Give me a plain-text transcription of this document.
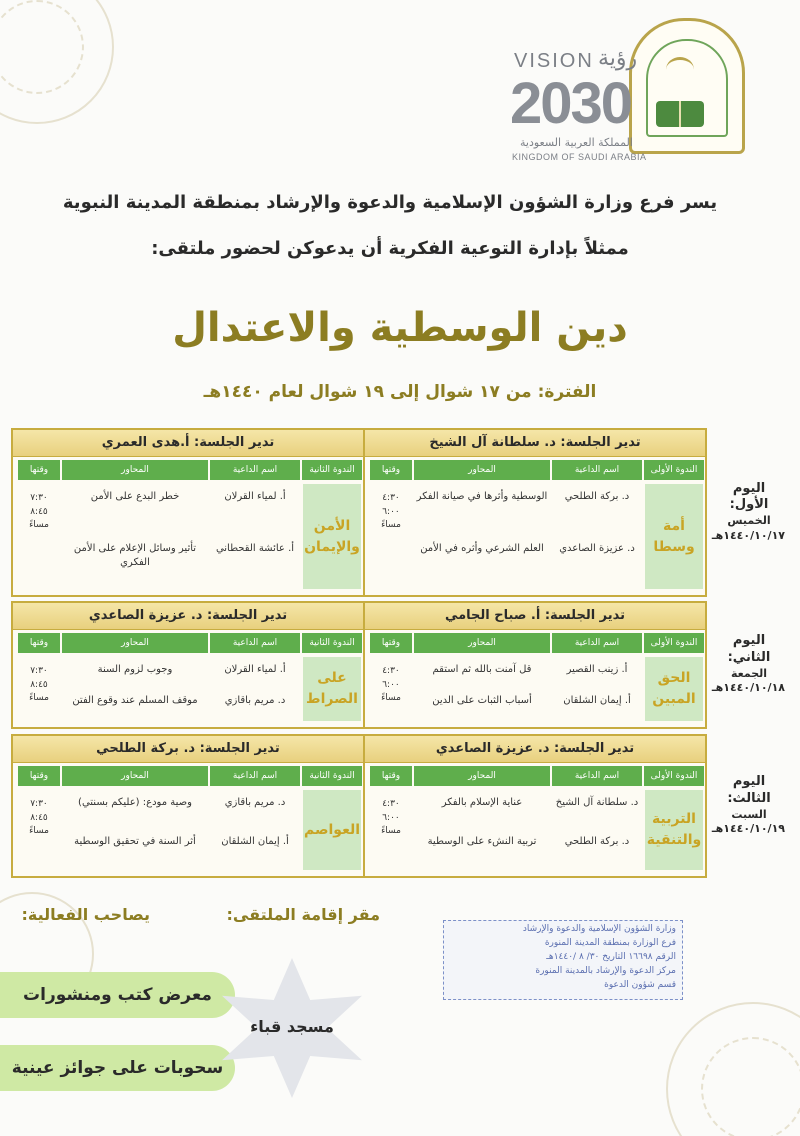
VISION رؤية
2030
المملكة العربية السعودية
KINGDOM OF SAUDI ARABIA
يسر فرع وزارة الشؤون الإسلامية والدعوة والإرشاد بمنطقة المدينة النبوية
ممثلاً بإدارة التوعية الفكرية أن يدعوكن لحضور ملتقى:
دين الوسطية والاعتدال
الفترة: من ١٧ شوال إلى ١٩ شوال لعام ١٤٤٠هـ
اليوم الأول:
الخميس
١٤٤٠/١٠/١٧هـ
تدير الجلسة: د. سلطانة آل الشيخ
الندوة الأولى
اسم الداعية
المحاور
وقتها
أمة وسطا
د. بركة الطلحي
الوسطية وأثرها في صيانة الفكر
د. عزيزة الصاعدي
العلم الشرعي وأثره في الأمن
٤:٣٠
٦:٠٠
مساءً
تدير الجلسة: أ.هدى العمري
الندوة الثانية
اسم الداعية
المحاور
وقتها
الأمن
والإيمان
أ. لمياء القرلان
خطر البدع على الأمن
أ. عائشة القحطاني
تأثير وسائل الإعلام على الأمن الفكري
٧:٣٠
٨:٤٥
مساءً
اليوم الثاني:
الجمعة
١٤٤٠/١٠/١٨هـ
تدير الجلسة: أ. صباح الجامي
الندوة الأولى
اسم الداعية
المحاور
وقتها
الحق
المبين
أ. زينب القصير
قل آمنت بالله ثم استقم
أ. إيمان الشلقان
أسباب الثبات على الدين
٤:٣٠
٦:٠٠
مساءً
تدير الجلسة: د. عزيزة الصاعدي
الندوة الثانية
اسم الداعية
المحاور
وقتها
على
الصراط
أ. لمياء القرلان
وجوب لزوم السنة
د. مريم باقازي
موقف المسلم عند وقوع الفتن
٧:٣٠
٨:٤٥
مساءً
اليوم الثالث:
السبت
١٤٤٠/١٠/١٩هـ
تدير الجلسة: د. عزيزة الصاعدي
الندوة الأولى
اسم الداعية
المحاور
وقتها
التربية
والتنقية
د. سلطانة آل الشيخ
عناية الإسلام بالفكر
د. بركة الطلحي
تربية النشء على الوسطية
٤:٣٠
٦:٠٠
مساءً
تدير الجلسة: د. بركة الطلحي
الندوة الثانية
اسم الداعية
المحاور
وقتها
العواصم
د. مريم باقازي
وصية مودع: (عليكم بسنتي)
أ. إيمان الشلقان
أثر السنة في تحقيق الوسطية
٧:٣٠
٨:٤٥
مساءً
يصاحب الفعالية:	مقر إقامة الملتقى:
وزارة الشؤون الإسلامية والدعوة والإرشاد
فرع الوزارة بمنطقة المدينة المنورة
الرقم ١٦٦٩٨ التاريخ ٣٠/ ٨ /١٤٤٠هـ
مركز الدعوة والإرشاد بالمدينة المنورة
قسم شؤون الدعوة
معرض كتب ومنشورات
سحوبات على جوائز عينية
مسجد قباء
